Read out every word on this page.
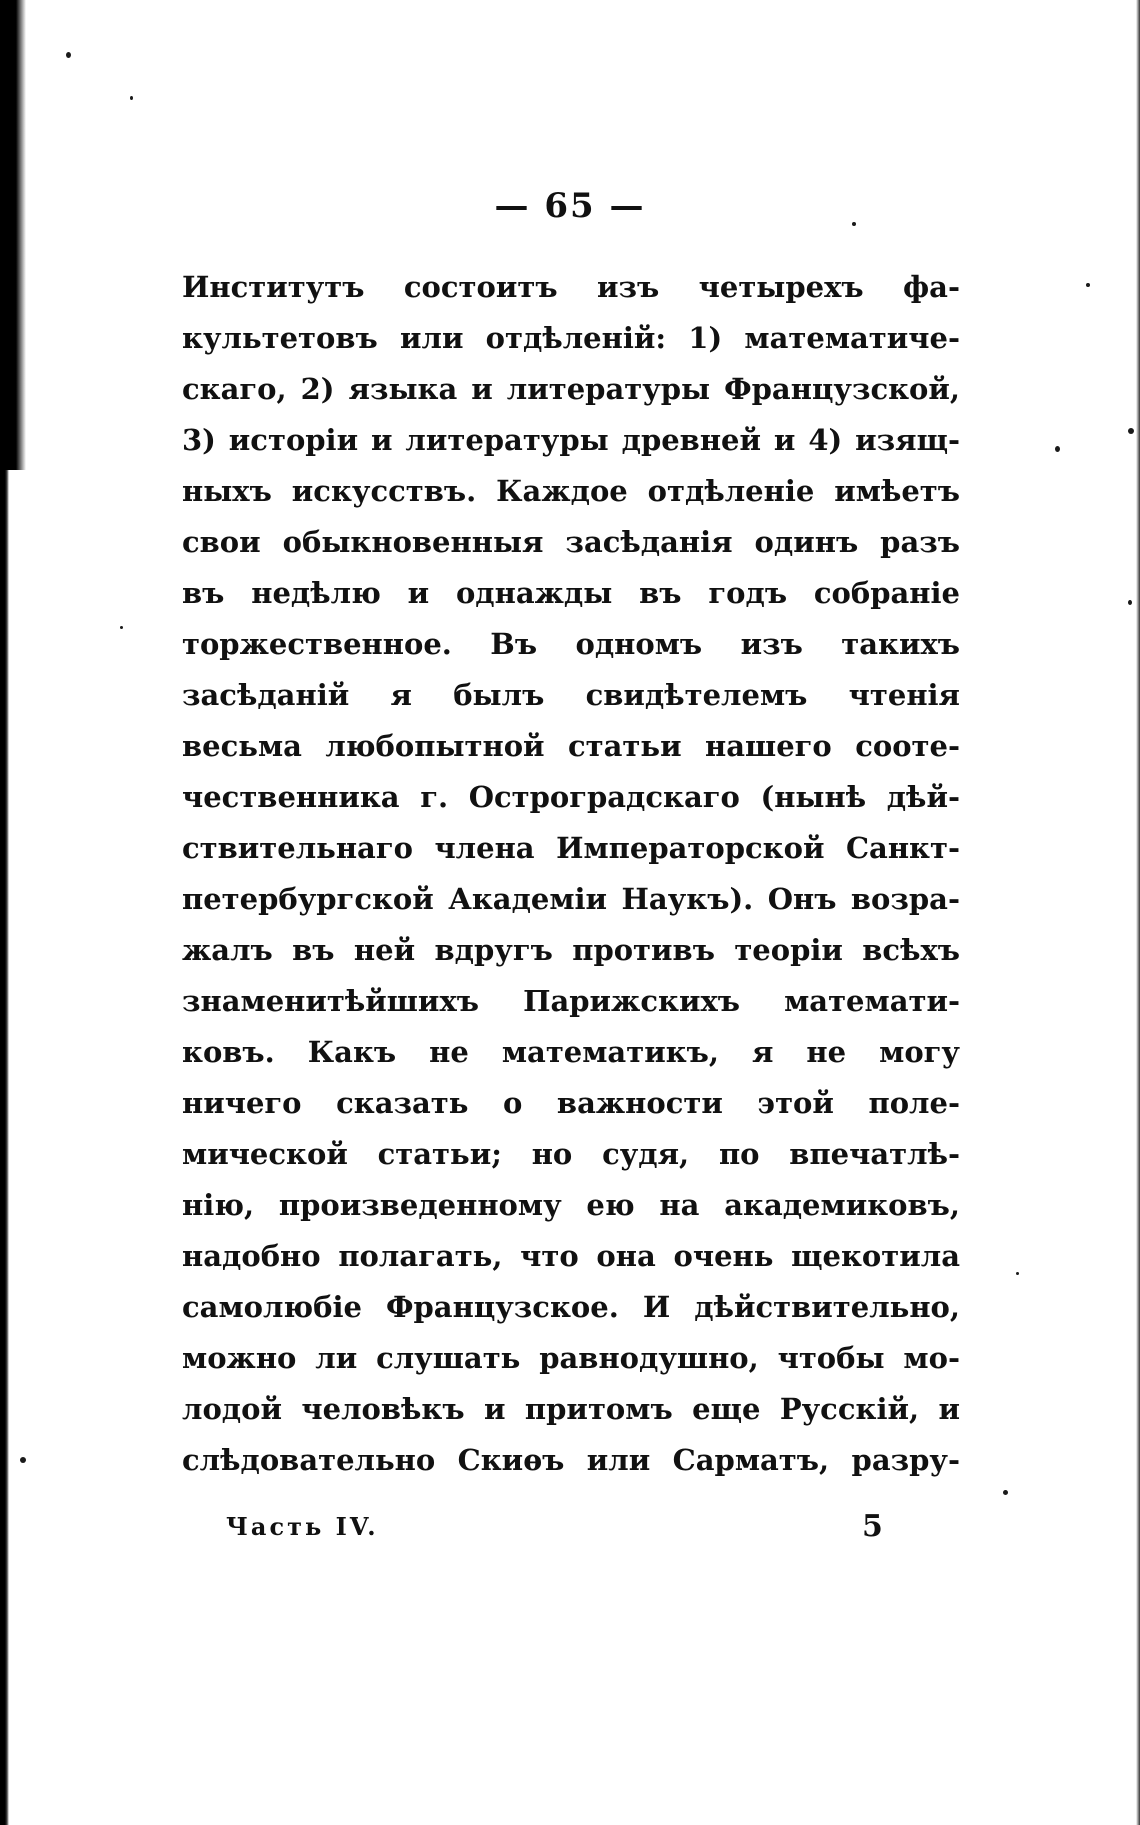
— 65 —
Институтъ состоитъ изъ четырехъ фа-
культетовъ или отдѣленій: 1) математиче-
скаго, 2) языка и литературы Французской,
3) исторіи и литературы древней и 4) изящ-
ныхъ искусствъ. Каждое отдѣленіе имѣетъ
свои обыкновенныя засѣданія одинъ разъ
въ недѣлю и однажды въ годъ собраніе
торжественное. Въ одномъ изъ такихъ
засѣданій я былъ свидѣтелемъ чтенія
весьма любопытной статьи нашего сооте-
чественника г. Остроградскаго (нынѣ дѣй-
ствительнаго члена Императорской Санкт-
петербургской Академіи Наукъ). Онъ возра-
жалъ въ ней вдругъ противъ теоріи всѣхъ
знаменитѣйшихъ Парижскихъ математи-
ковъ. Какъ не математикъ, я не могу
ничего сказать о важности этой поле-
мической статьи; но судя, по впечатлѣ-
нію, произведенному ею на академиковъ,
надобно полагать, что она очень щекотила
самолюбіе Французское. И дѣйствительно,
можно ли слушать равнодушно, чтобы мо-
лодой человѣкъ и притомъ еще Русскій, и
слѣдовательно Скиѳъ или Сарматъ, разру-
Часть IV.	5
